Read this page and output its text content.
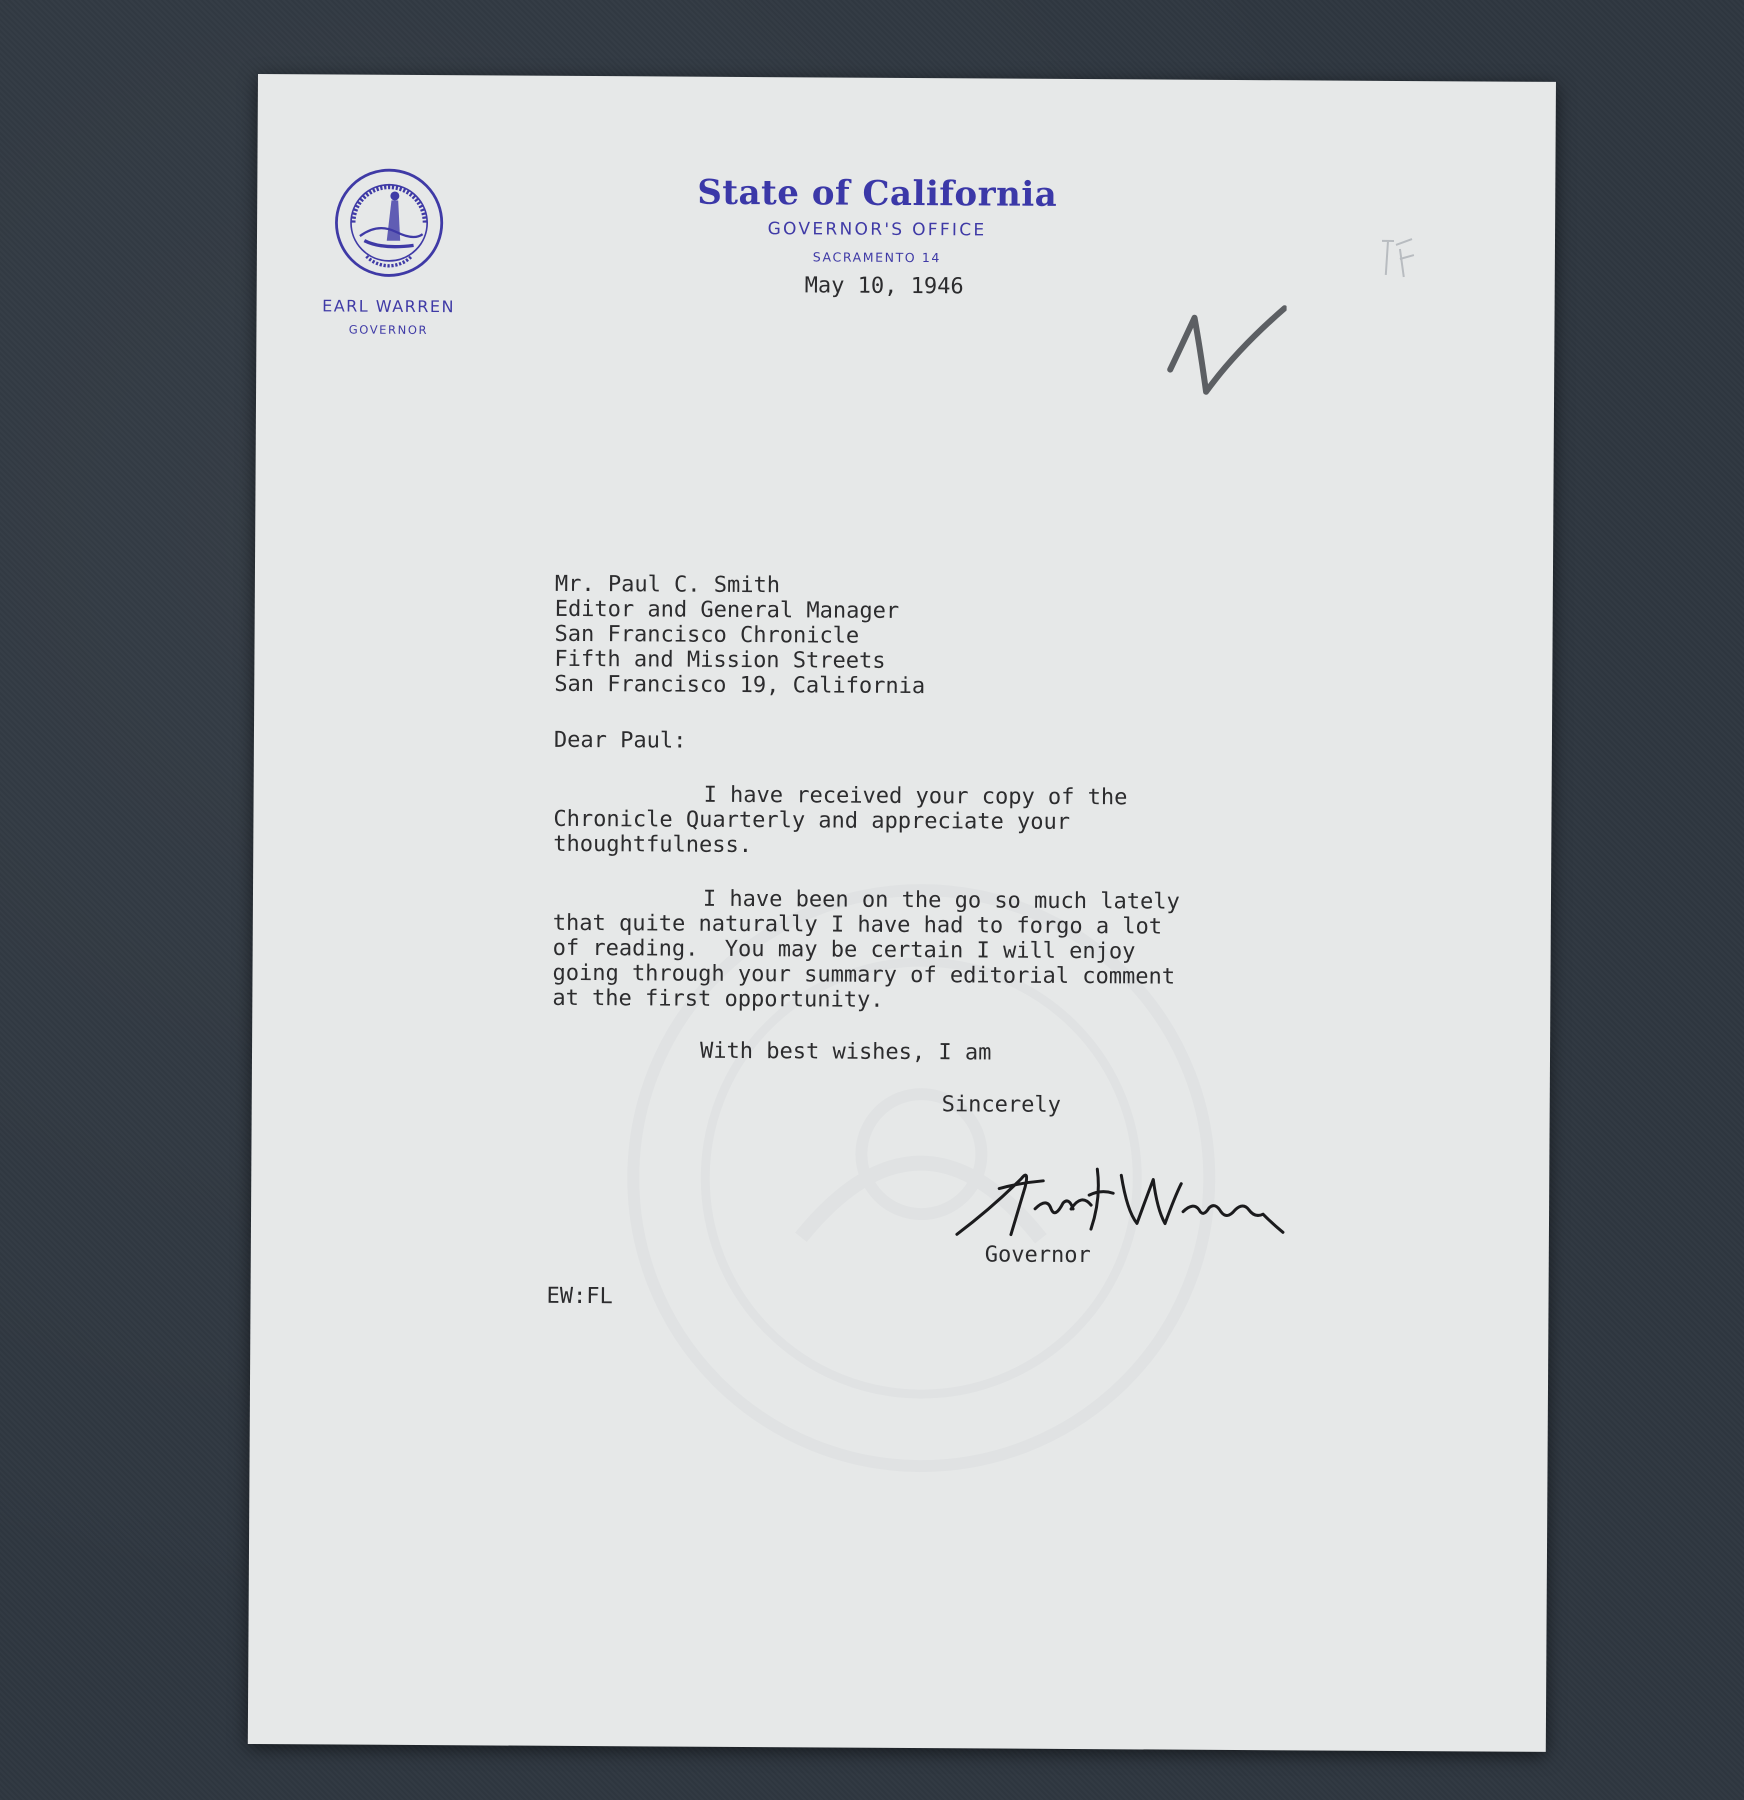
EARL WARREN
GOVERNOR
State of California
GOVERNOR'S OFFICE
SACRAMENTO 14
May 10, 1946
Mr. Paul C. Smith
Editor and General Manager
San Francisco Chronicle
Fifth and Mission Streets
San Francisco 19, California
Dear Paul:
I have received your copy of the
Chronicle Quarterly and appreciate your
thoughtfulness.
I have been on the go so much lately
that quite naturally I have had to forgo a lot
of reading.  You may be certain I will enjoy
going through your summary of editorial comment
at the first opportunity.
With best wishes, I am
Sincerely
Governor
EW:FL
